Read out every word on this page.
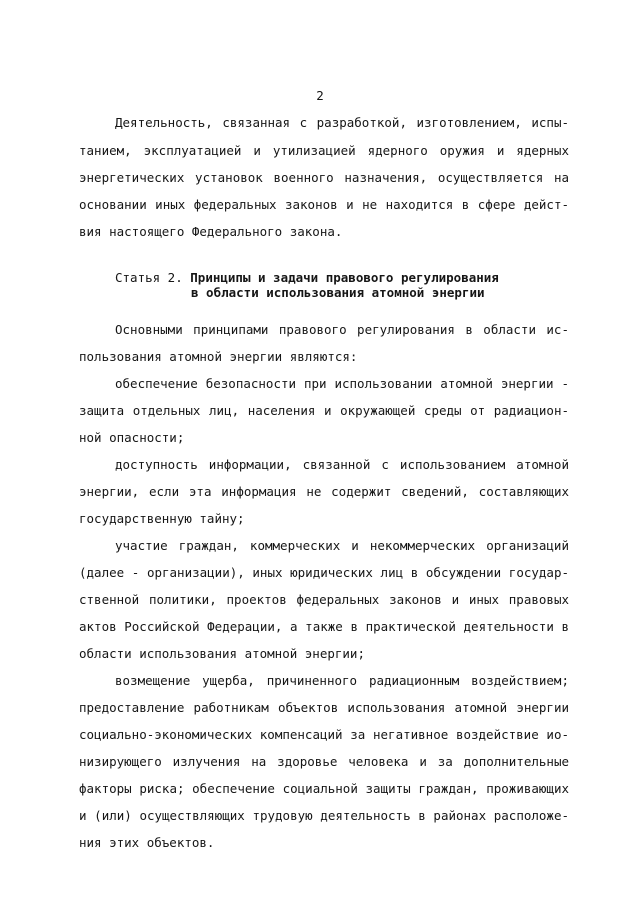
2
Деятельность, связанная с разработкой, изготовлением, испы-
танием, эксплуатацией и утилизацией ядерного оружия и ядерных
энергетических установок военного назначения, осуществляется на
основании иных федеральных законов и не находится в сфере дейст-
вия настоящего Федерального закона.
Статья 2. Принципы и задачи правового регулирования
в области использования атомной энергии
Основными принципами правового регулирования в области ис-
пользования атомной энергии являются:
обеспечение безопасности при использовании атомной энергии -
защита отдельных лиц, населения и окружающей среды от радиацион-
ной опасности;
доступность информации, связанной с использованием атомной
энергии, если эта информация не содержит сведений, составляющих
государственную тайну;
участие граждан, коммерческих и некоммерческих организаций
(далее - организации), иных юридических лиц в обсуждении государ-
ственной политики, проектов федеральных законов и иных правовых
актов Российской Федерации, а также в практической деятельности в
области использования атомной энергии;
возмещение ущерба, причиненного радиационным воздействием;
предоставление работникам объектов использования атомной энергии
социально-экономических компенсаций за негативное воздействие ио-
низирующего излучения на здоровье человека и за дополнительные
факторы риска; обеспечение социальной защиты граждан, проживающих
и (или) осуществляющих трудовую деятельность в районах расположе-
ния этих объектов.
